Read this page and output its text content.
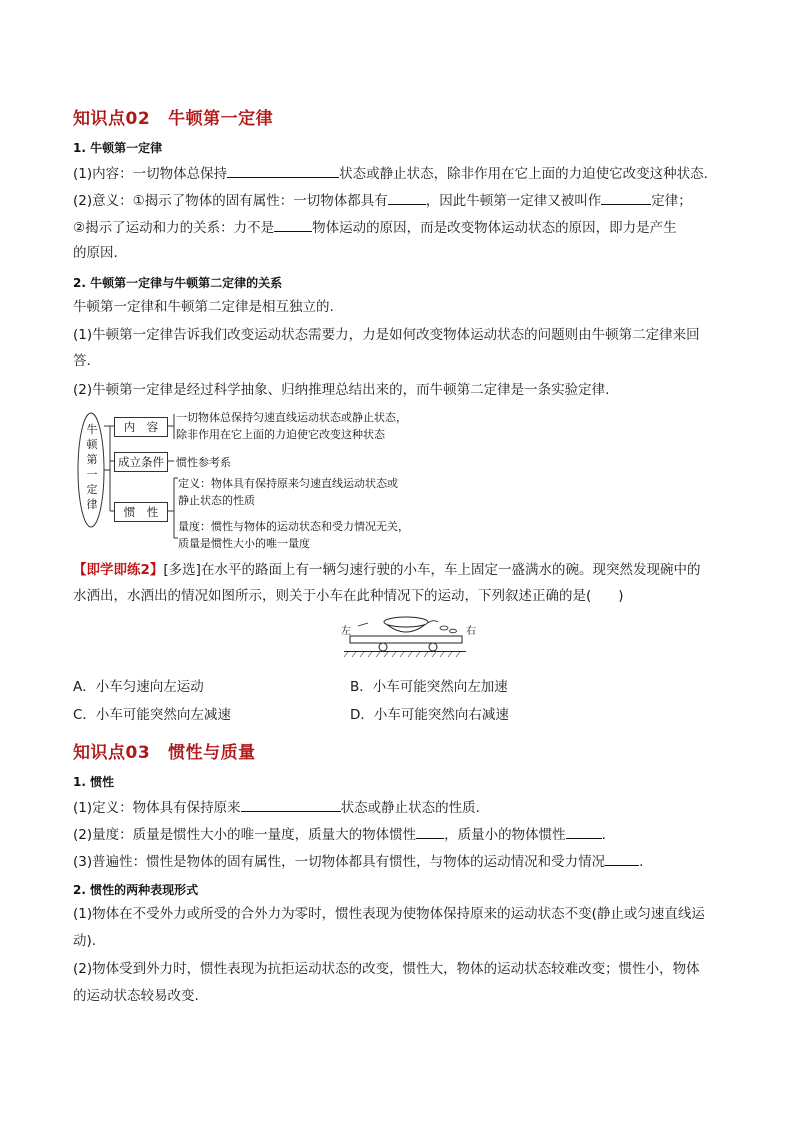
知识点02 牛顿第一定律
1. 牛顿第一定律
(1)内容：一切物体总保持	状态或静止状态，除非作用在它上面的力迫使它改变这种状态.
(2)意义：①揭示了物体的固有属性：一切物体都具有	，因此牛顿第一定律又被叫作	定律；
②揭示了运动和力的关系：力不是	物体运动的原因，而是改变物体运动状态的原因，即力是产生
的原因.
2. 牛顿第一定律与牛顿第二定律的关系
牛顿第一定律和牛顿第二定律是相互独立的.
(1)牛顿第一定律告诉我们改变运动状态需要力，力是如何改变物体运动状态的问题则由牛顿第二定律来回
答.
(2)牛顿第一定律是经过科学抽象、归纳推理总结出来的，而牛顿第二定律是一条实验定律.
牛
顿
第
一
定
律
内　容
成立条件
惯　性
一切物体总保持匀速直线运动状态或静止状态，
除非作用在它上面的力迫使它改变这种状态
惯性参考系
定义：物体具有保持原来匀速直线运动状态或
静止状态的性质
量度：惯性与物体的运动状态和受力情况无关，
质量是惯性大小的唯一量度
【即学即练2】[多选]在水平的路面上有一辆匀速行驶的小车，车上固定一盛满水的碗。现突然发现碗中的
水洒出，水洒出的情况如图所示，则关于小车在此种情况下的运动，下列叙述正确的是(　　)
左	右
A．小车匀速向左运动	B．小车可能突然向左加速
C．小车可能突然向左减速	D．小车可能突然向右减速
知识点03 惯性与质量
1. 惯性
(1)定义：物体具有保持原来	状态或静止状态的性质.
(2)量度：质量是惯性大小的唯一量度，质量大的物体惯性 ，质量小的物体惯性	.
(3)普遍性：惯性是物体的固有属性，一切物体都具有惯性，与物体的运动情况和受力情况	.
2. 惯性的两种表现形式
(1)物体在不受外力或所受的合外力为零时，惯性表现为使物体保持原来的运动状态不变(静止或匀速直线运
动).
(2)物体受到外力时，惯性表现为抗拒运动状态的改变，惯性大，物体的运动状态较难改变；惯性小，物体
的运动状态较易改变.
